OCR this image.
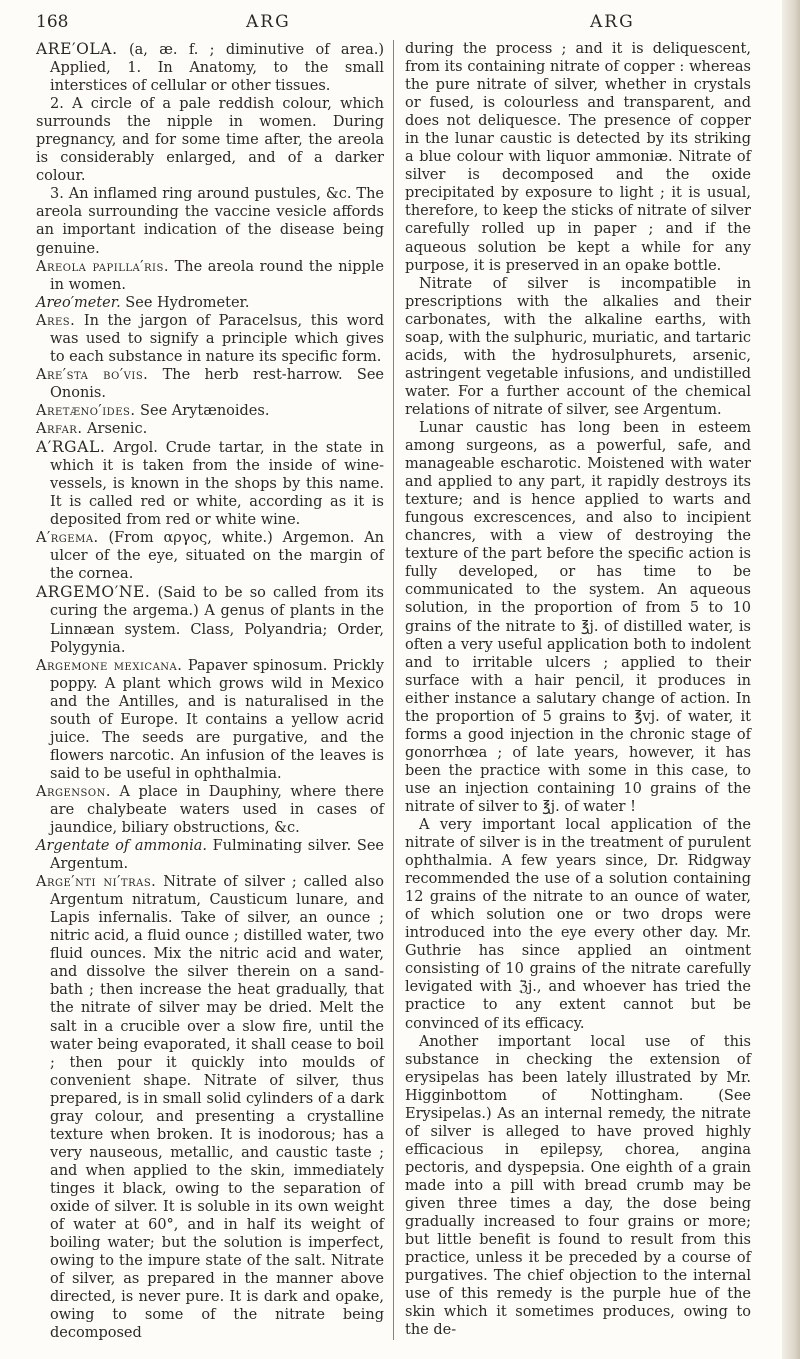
168	ARG	ARG

ARE′OLA. (a, æ. f. ; diminutive of area.) Applied, 1. In Anatomy, to the small interstices of cellular or other tissues.

2. A circle of a pale reddish colour, which surrounds the nipple in women. During pregnancy, and for some time after, the areola is considerably enlarged, and of a darker colour.

3. An inflamed ring around pustules, &c. The areola surrounding the vaccine vesicle affords an important indication of the disease being genuine.

Areola papilla′ris. The areola round the nipple in women.

Areo′meter. See Hydrometer.

Ares. In the jargon of Paracelsus, this word was used to signify a principle which gives to each substance in nature its specific form.

Are′sta bo′vis. The herb rest-harrow. See Ononis.

Aretæno′ides. See Arytænoides.

Arfar. Arsenic.

A′RGAL. Argol. Crude tartar, in the state in which it is taken from the inside of wine-vessels, is known in the shops by this name. It is called red or white, according as it is deposited from red or white wine.

A′rgema. (From αργος, white.) Argemon. An ulcer of the eye, situated on the margin of the cornea.

ARGEMO′NE. (Said to be so called from its curing the argema.) A genus of plants in the Linnæan system. Class, Polyandria; Order, Polygynia.

Argemone mexicana. Papaver spinosum. Prickly poppy. A plant which grows wild in Mexico and the Antilles, and is naturalised in the south of Europe. It contains a yellow acrid juice. The seeds are purgative, and the flowers narcotic. An infusion of the leaves is said to be useful in ophthalmia.

Argenson. A place in Dauphiny, where there are chalybeate waters used in cases of jaundice, biliary obstructions, &c.

Argentate of ammonia. Fulminating silver. See Argentum.

Arge′nti ni′tras. Nitrate of silver ; called also Argentum nitratum, Causticum lunare, and Lapis infernalis. Take of silver, an ounce ; nitric acid, a fluid ounce ; distilled water, two fluid ounces. Mix the nitric acid and water, and dissolve the silver therein on a sand-bath ; then increase the heat gradually, that the nitrate of silver may be dried. Melt the salt in a crucible over a slow fire, until the water being evaporated, it shall cease to boil ; then pour it quickly into moulds of convenient shape. Nitrate of silver, thus prepared, is in small solid cylinders of a dark gray colour, and presenting a crystalline texture when broken. It is inodorous; has a very nauseous, metallic, and caustic taste ; and when applied to the skin, immediately tinges it black, owing to the separation of oxide of silver. It is soluble in its own weight of water at 60°, and in half its weight of boiling water; but the solution is imperfect, owing to the impure state of the salt. Nitrate of silver, as prepared in the manner above directed, is never pure. It is dark and opake, owing to some of the nitrate being decomposed

during the process ; and it is deliquescent, from its containing nitrate of copper : whereas the pure nitrate of silver, whether in crystals or fused, is colourless and transparent, and does not deliquesce. The presence of copper in the lunar caustic is detected by its striking a blue colour with liquor ammoniæ. Nitrate of silver is decomposed and the oxide precipitated by exposure to light ; it is usual, therefore, to keep the sticks of nitrate of silver carefully rolled up in paper ; and if the aqueous solution be kept a while for any purpose, it is preserved in an opake bottle.

Nitrate of silver is incompatible in prescriptions with the alkalies and their carbonates, with the alkaline earths, with soap, with the sulphuric, muriatic, and tartaric acids, with the hydrosulphurets, arsenic, astringent vegetable infusions, and undistilled water. For a further account of the chemical relations of nitrate of silver, see Argentum.

Lunar caustic has long been in esteem among surgeons, as a powerful, safe, and manageable escharotic. Moistened with water and applied to any part, it rapidly destroys its texture; and is hence applied to warts and fungous excrescences, and also to incipient chancres, with a view of destroying the texture of the part before the specific action is fully developed, or has time to be communicated to the system. An aqueous solution, in the proportion of from 5 to 10 grains of the nitrate to ℥j. of distilled water, is often a very useful application both to indolent and to irritable ulcers ; applied to their surface with a hair pencil, it produces in either instance a salutary change of action. In the proportion of 5 grains to ℥vj. of water, it forms a good injection in the chronic stage of gonorrhœa ; of late years, however, it has been the practice with some in this case, to use an injection containing 10 grains of the nitrate of silver to ℥j. of water !

A very important local application of the nitrate of silver is in the treatment of purulent ophthalmia. A few years since, Dr. Ridgway recommended the use of a solution containing 12 grains of the nitrate to an ounce of water, of which solution one or two drops were introduced into the eye every other day. Mr. Guthrie has since applied an ointment consisting of 10 grains of the nitrate carefully levigated with ℨj., and whoever has tried the practice to any extent cannot but be convinced of its efficacy.

Another important local use of this substance in checking the extension of erysipelas has been lately illustrated by Mr. Higginbottom of Nottingham. (See Erysipelas.) As an internal remedy, the nitrate of silver is alleged to have proved highly efficacious in epilepsy, chorea, angina pectoris, and dyspepsia. One eighth of a grain made into a pill with bread crumb may be given three times a day, the dose being gradually increased to four grains or more; but little benefit is found to result from this practice, unless it be preceded by a course of purgatives. The chief objection to the internal use of this remedy is the purple hue of the skin which it sometimes produces, owing to the de-
